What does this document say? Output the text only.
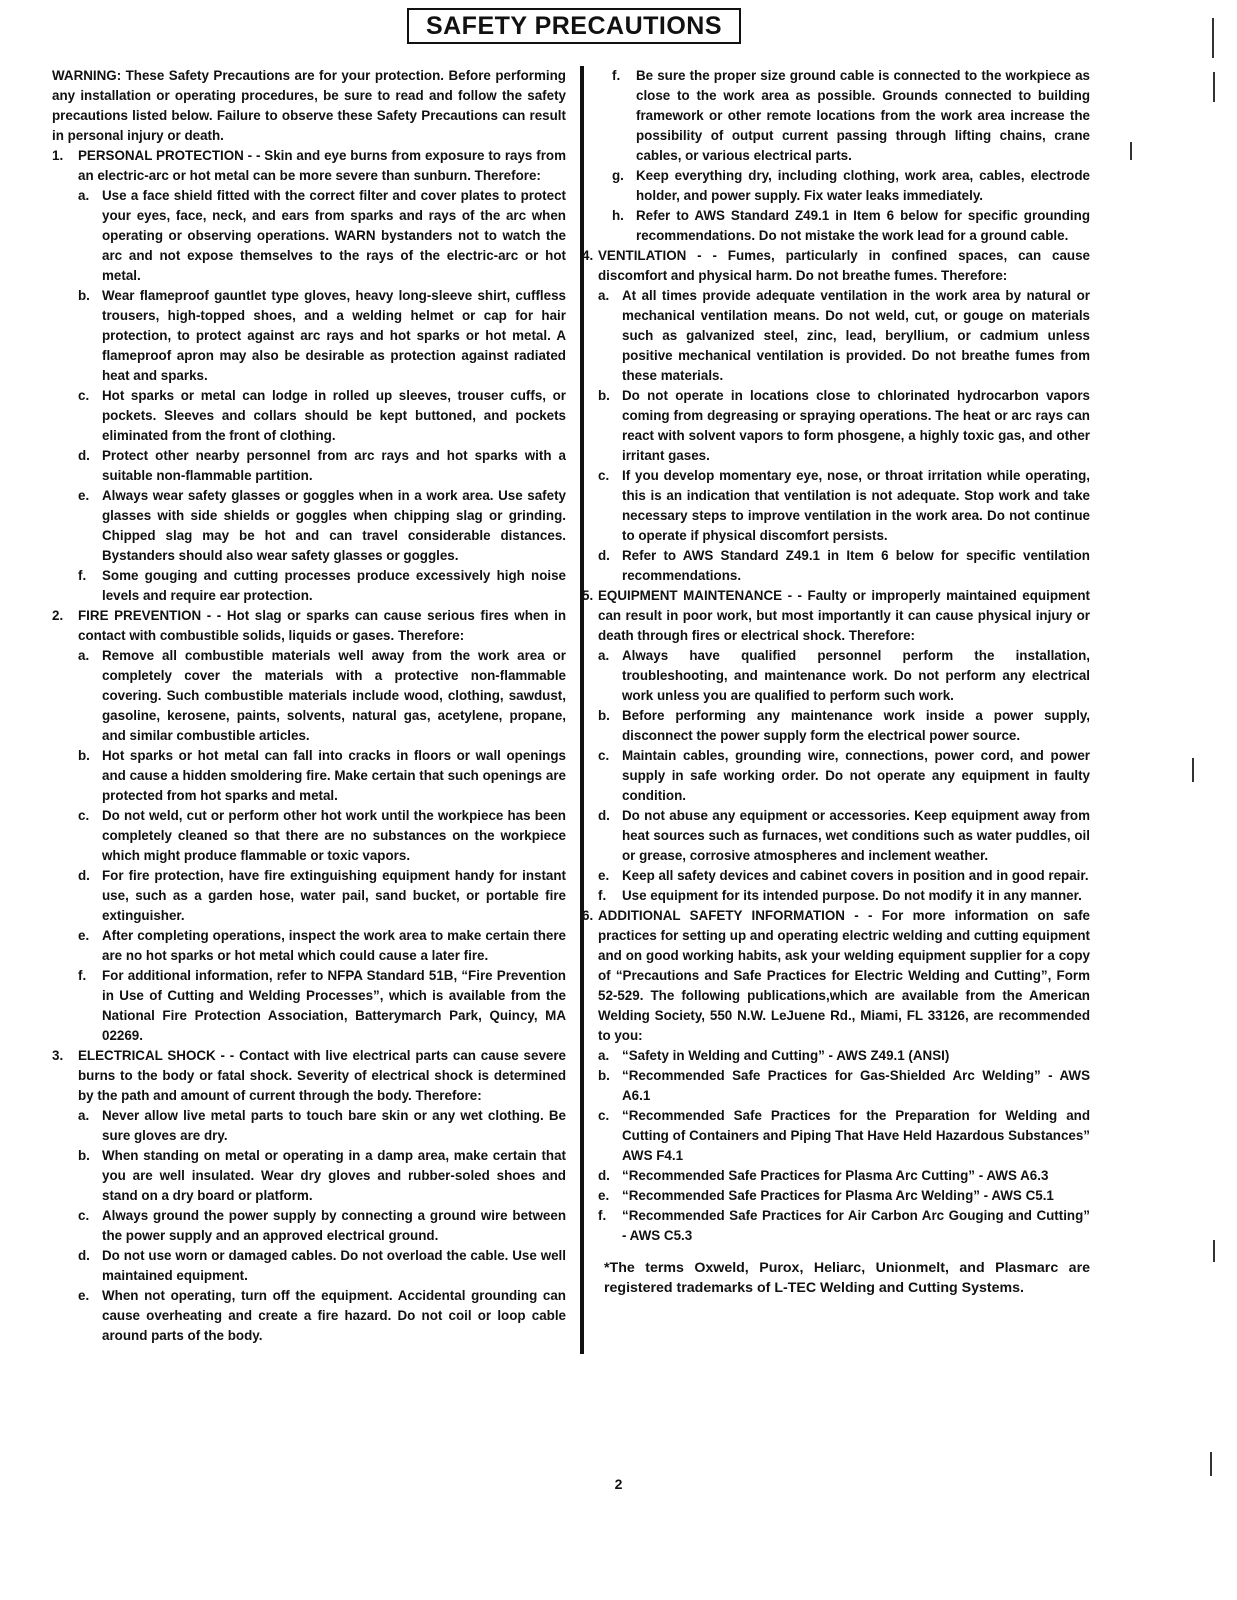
SAFETY PRECAUTIONS

WARNING: These Safety Precautions are for your protection. Before performing any installation or operating procedures, be sure to read and follow the safety precautions listed below. Failure to observe these Safety Precautions can result in personal injury or death.

1.	PERSONAL PROTECTION - - Skin and eye burns from exposure to rays from an electric-arc or hot metal can be more severe than sunburn. Therefore:
a. Use a face shield fitted with the correct filter and cover plates to protect your eyes, face, neck, and ears from sparks and rays of the arc when operating or observing operations. WARN bystanders not to watch the arc and not expose themselves to the rays of the electric-arc or hot metal.
b. Wear flameproof gauntlet type gloves, heavy long-sleeve shirt, cuffless trousers, high-topped shoes, and a welding helmet or cap for hair protection, to protect against arc rays and hot sparks or hot metal. A flameproof apron may also be desirable as protection against radiated heat and sparks.
c. Hot sparks or metal can lodge in rolled up sleeves, trouser cuffs, or pockets. Sleeves and collars should be kept buttoned, and pockets eliminated from the front of clothing.
d. Protect other nearby personnel from arc rays and hot sparks with a suitable non-flammable partition.
e. Always wear safety glasses or goggles when in a work area. Use safety glasses with side shields or goggles when chipping slag or grinding. Chipped slag may be hot and can travel considerable distances. Bystanders should also wear safety glasses or goggles.
f.	Some gouging and cutting processes produce excessively high noise levels and require ear protection.
2.	FIRE PREVENTION - - Hot slag or sparks can cause serious fires when in contact with combustible solids, liquids or gases. Therefore:
a. Remove all combustible materials well away from the work area or completely cover the materials with a protective non-flammable covering. Such combustible materials include wood, clothing, sawdust, gasoline, kerosene, paints, solvents, natural gas, acetylene, propane, and similar combustible articles.
b. Hot sparks or hot metal can fall into cracks in floors or wall openings and cause a hidden smoldering fire. Make certain that such openings are protected from hot sparks and metal.
c. Do not weld, cut or perform other hot work until the workpiece has been completely cleaned so that there are no substances on the workpiece which might produce flammable or toxic vapors.
d. For fire protection, have fire extinguishing equipment handy for instant use, such as a garden hose, water pail, sand bucket, or portable fire extinguisher.
e. After completing operations, inspect the work area to make certain there are no hot sparks or hot metal which could cause a later fire.
f.	For additional information, refer to NFPA Standard 51B, “Fire Prevention in Use of Cutting and Welding Processes”, which is available from the National Fire Protection Association, Batterymarch Park, Quincy, MA 02269.
3.	ELECTRICAL SHOCK - - Contact with live electrical parts can cause severe burns to the body or fatal shock. Severity of electrical shock is determined by the path and amount of current through the body. Therefore:
a. Never allow live metal parts to touch bare skin or any wet clothing. Be sure gloves are dry.
b. When standing on metal or operating in a damp area, make certain that you are well insulated. Wear dry gloves and rubber-soled shoes and stand on a dry board or platform.
c. Always ground the power supply by connecting a ground wire between the power supply and an approved electrical ground.
d. Do not use worn or damaged cables. Do not overload the cable. Use well maintained equipment.
e. When not operating, turn off the equipment. Accidental grounding can cause overheating and create a fire hazard. Do not coil or loop cable around parts of the body.
f.	Be sure the proper size ground cable is connected to the workpiece as close to the work area as possible. Grounds connected to building framework or other remote locations from the work area increase the possibility of output current passing through lifting chains, crane cables, or various electrical parts.
g. Keep everything dry, including clothing, work area, cables, electrode holder, and power supply. Fix water leaks immediately.
h. Refer to AWS Standard Z49.1 in Item 6 below for specific grounding recommendations. Do not mistake the work lead for a ground cable.
4. VENTILATION - - Fumes, particularly in confined spaces, can cause discomfort and physical harm. Do not breathe fumes. Therefore:
a. At all times provide adequate ventilation in the work area by natural or mechanical ventilation means. Do not weld, cut, or gouge on materials such as galvanized steel, zinc, lead, beryllium, or cadmium unless positive mechanical ventilation is provided. Do not breathe fumes from these materials.
b. Do not operate in locations close to chlorinated hydrocarbon vapors coming from degreasing or spraying operations. The heat or arc rays can react with solvent vapors to form phosgene, a highly toxic gas, and other irritant gases.
c. If you develop momentary eye, nose, or throat irritation while operating, this is an indication that ventilation is not adequate. Stop work and take necessary steps to improve ventilation in the work area. Do not continue to operate if physical discomfort persists.
d. Refer to AWS Standard Z49.1 in Item 6 below for specific ventilation recommendations.
5. EQUIPMENT MAINTENANCE - - Faulty or improperly maintained equipment can result in poor work, but most importantly it can cause physical injury or death through fires or electrical shock. Therefore:
a. Always have qualified personnel perform the installation, troubleshooting, and maintenance work. Do not perform any electrical work unless you are qualified to perform such work.
b. Before performing any maintenance work inside a power supply, disconnect the power supply form the electrical power source.
c. Maintain cables, grounding wire, connections, power cord, and power supply in safe working order. Do not operate any equipment in faulty condition.
d. Do not abuse any equipment or accessories. Keep equipment away from heat sources such as furnaces, wet conditions such as water puddles, oil or grease, corrosive atmospheres and inclement weather.
e. Keep all safety devices and cabinet covers in position and in good repair.
f.	Use equipment for its intended purpose. Do not modify it in any manner.
6. ADDITIONAL SAFETY INFORMATION - - For more information on safe practices for setting up and operating electric welding and cutting equipment and on good working habits, ask your welding equipment supplier for a copy of “Precautions and Safe Practices for Electric Welding and Cutting”, Form 52-529. The following publications,which are available from the American Welding Society, 550 N.W. LeJuene Rd., Miami, FL 33126, are recommended to you:
a. “Safety in Welding and Cutting” - AWS Z49.1 (ANSI)
b. “Recommended Safe Practices for Gas-Shielded Arc Welding” - AWS A6.1
c. “Recommended Safe Practices for the Preparation for Welding and Cutting of Containers and Piping That Have Held Hazardous Substances” AWS F4.1
d. “Recommended Safe Practices for Plasma Arc Cutting” - AWS A6.3
e. “Recommended Safe Practices for Plasma Arc Welding” - AWS C5.1
f.	“Recommended Safe Practices for Air Carbon Arc Gouging and Cutting” - AWS C5.3

*The terms Oxweld, Purox, Heliarc, Unionmelt, and Plasmarc are registered trademarks of L-TEC Welding and Cutting Systems.

2
